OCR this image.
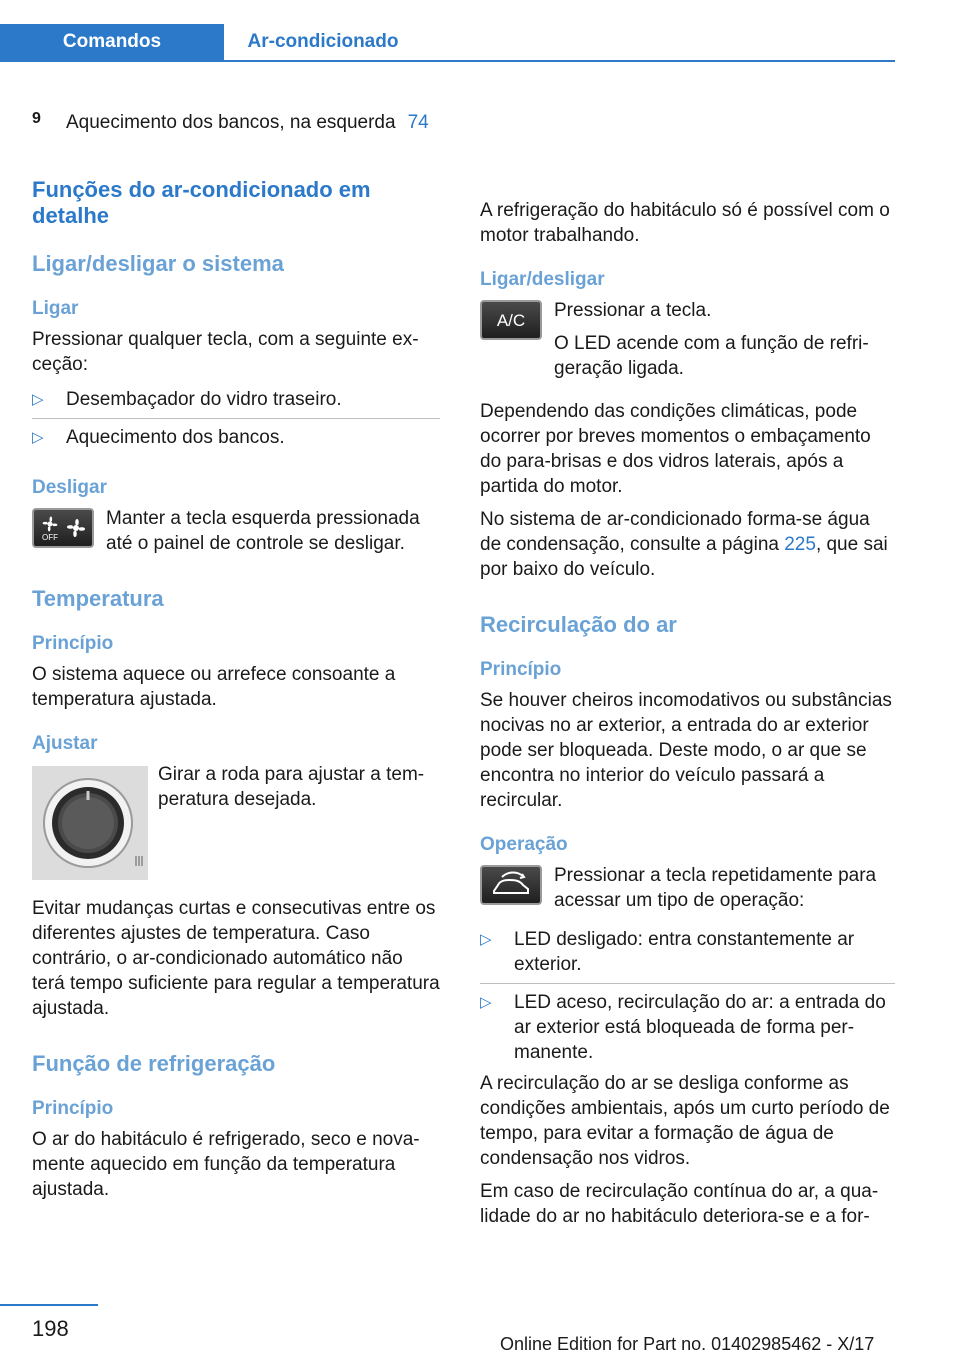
Comandos	Ar-condicionado
9 Aquecimento dos bancos, na esquerda 74

Funções do ar-condicionado em detalhe
Ligar/desligar o sistema
Ligar

Pressionar qualquer tecla, com a seguinte exceção:

▷ Desembaçador do vidro traseiro.
▷ Aquecimento dos bancos.
Desligar
OFF

Manter a tecla esquerda pressionada até o painel de controle se desligar.

Temperatura
Princípio

O sistema aquece ou arrefece consoante a temperatura ajustada.

Ajustar

Girar a roda para ajustar a temperatura desejada.

Evitar mudanças curtas e consecutivas entre os diferentes ajustes de temperatura. Caso contrário, o ar-condicionado automático não terá tempo suficiente para regular a temperatura ajustada.

Função de refrigeração
Princípio

O ar do habitáculo é refrigerado, seco e novamente aquecido em função da temperatura ajustada.

A refrigeração do habitáculo só é possível com o motor trabalhando.

Ligar/desligar
A/C Pressionar a tecla.

O LED acende com a função de refrigeração ligada.

Dependendo das condições climáticas, pode ocorrer por breves momentos o embaçamento do para-brisas e dos vidros laterais, após a partida do motor.

No sistema de ar-condicionado forma-se água de condensação, consulte a página 225, que sai por baixo do veículo.

Recirculação do ar
Princípio

Se houver cheiros incomodativos ou substâncias nocivas no ar exterior, a entrada do ar exterior pode ser bloqueada. Deste modo, o ar que se encontra no interior do veículo passará a recircular.

Operação

Pressionar a tecla repetidamente para acessar um tipo de operação:

▷ LED desligado: entra constantemente ar exterior.
▷ LED aceso, recirculação do ar: a entrada do ar exterior está bloqueada de forma permanente.

A recirculação do ar se desliga conforme as condições ambientais, após um curto período de tempo, para evitar a formação de água de condensação nos vidros.

Em caso de recirculação contínua do ar, a qualidade do ar no habitáculo deteriora-se e a for-

198
Online Edition for Part no. 01402985462 - X/17
